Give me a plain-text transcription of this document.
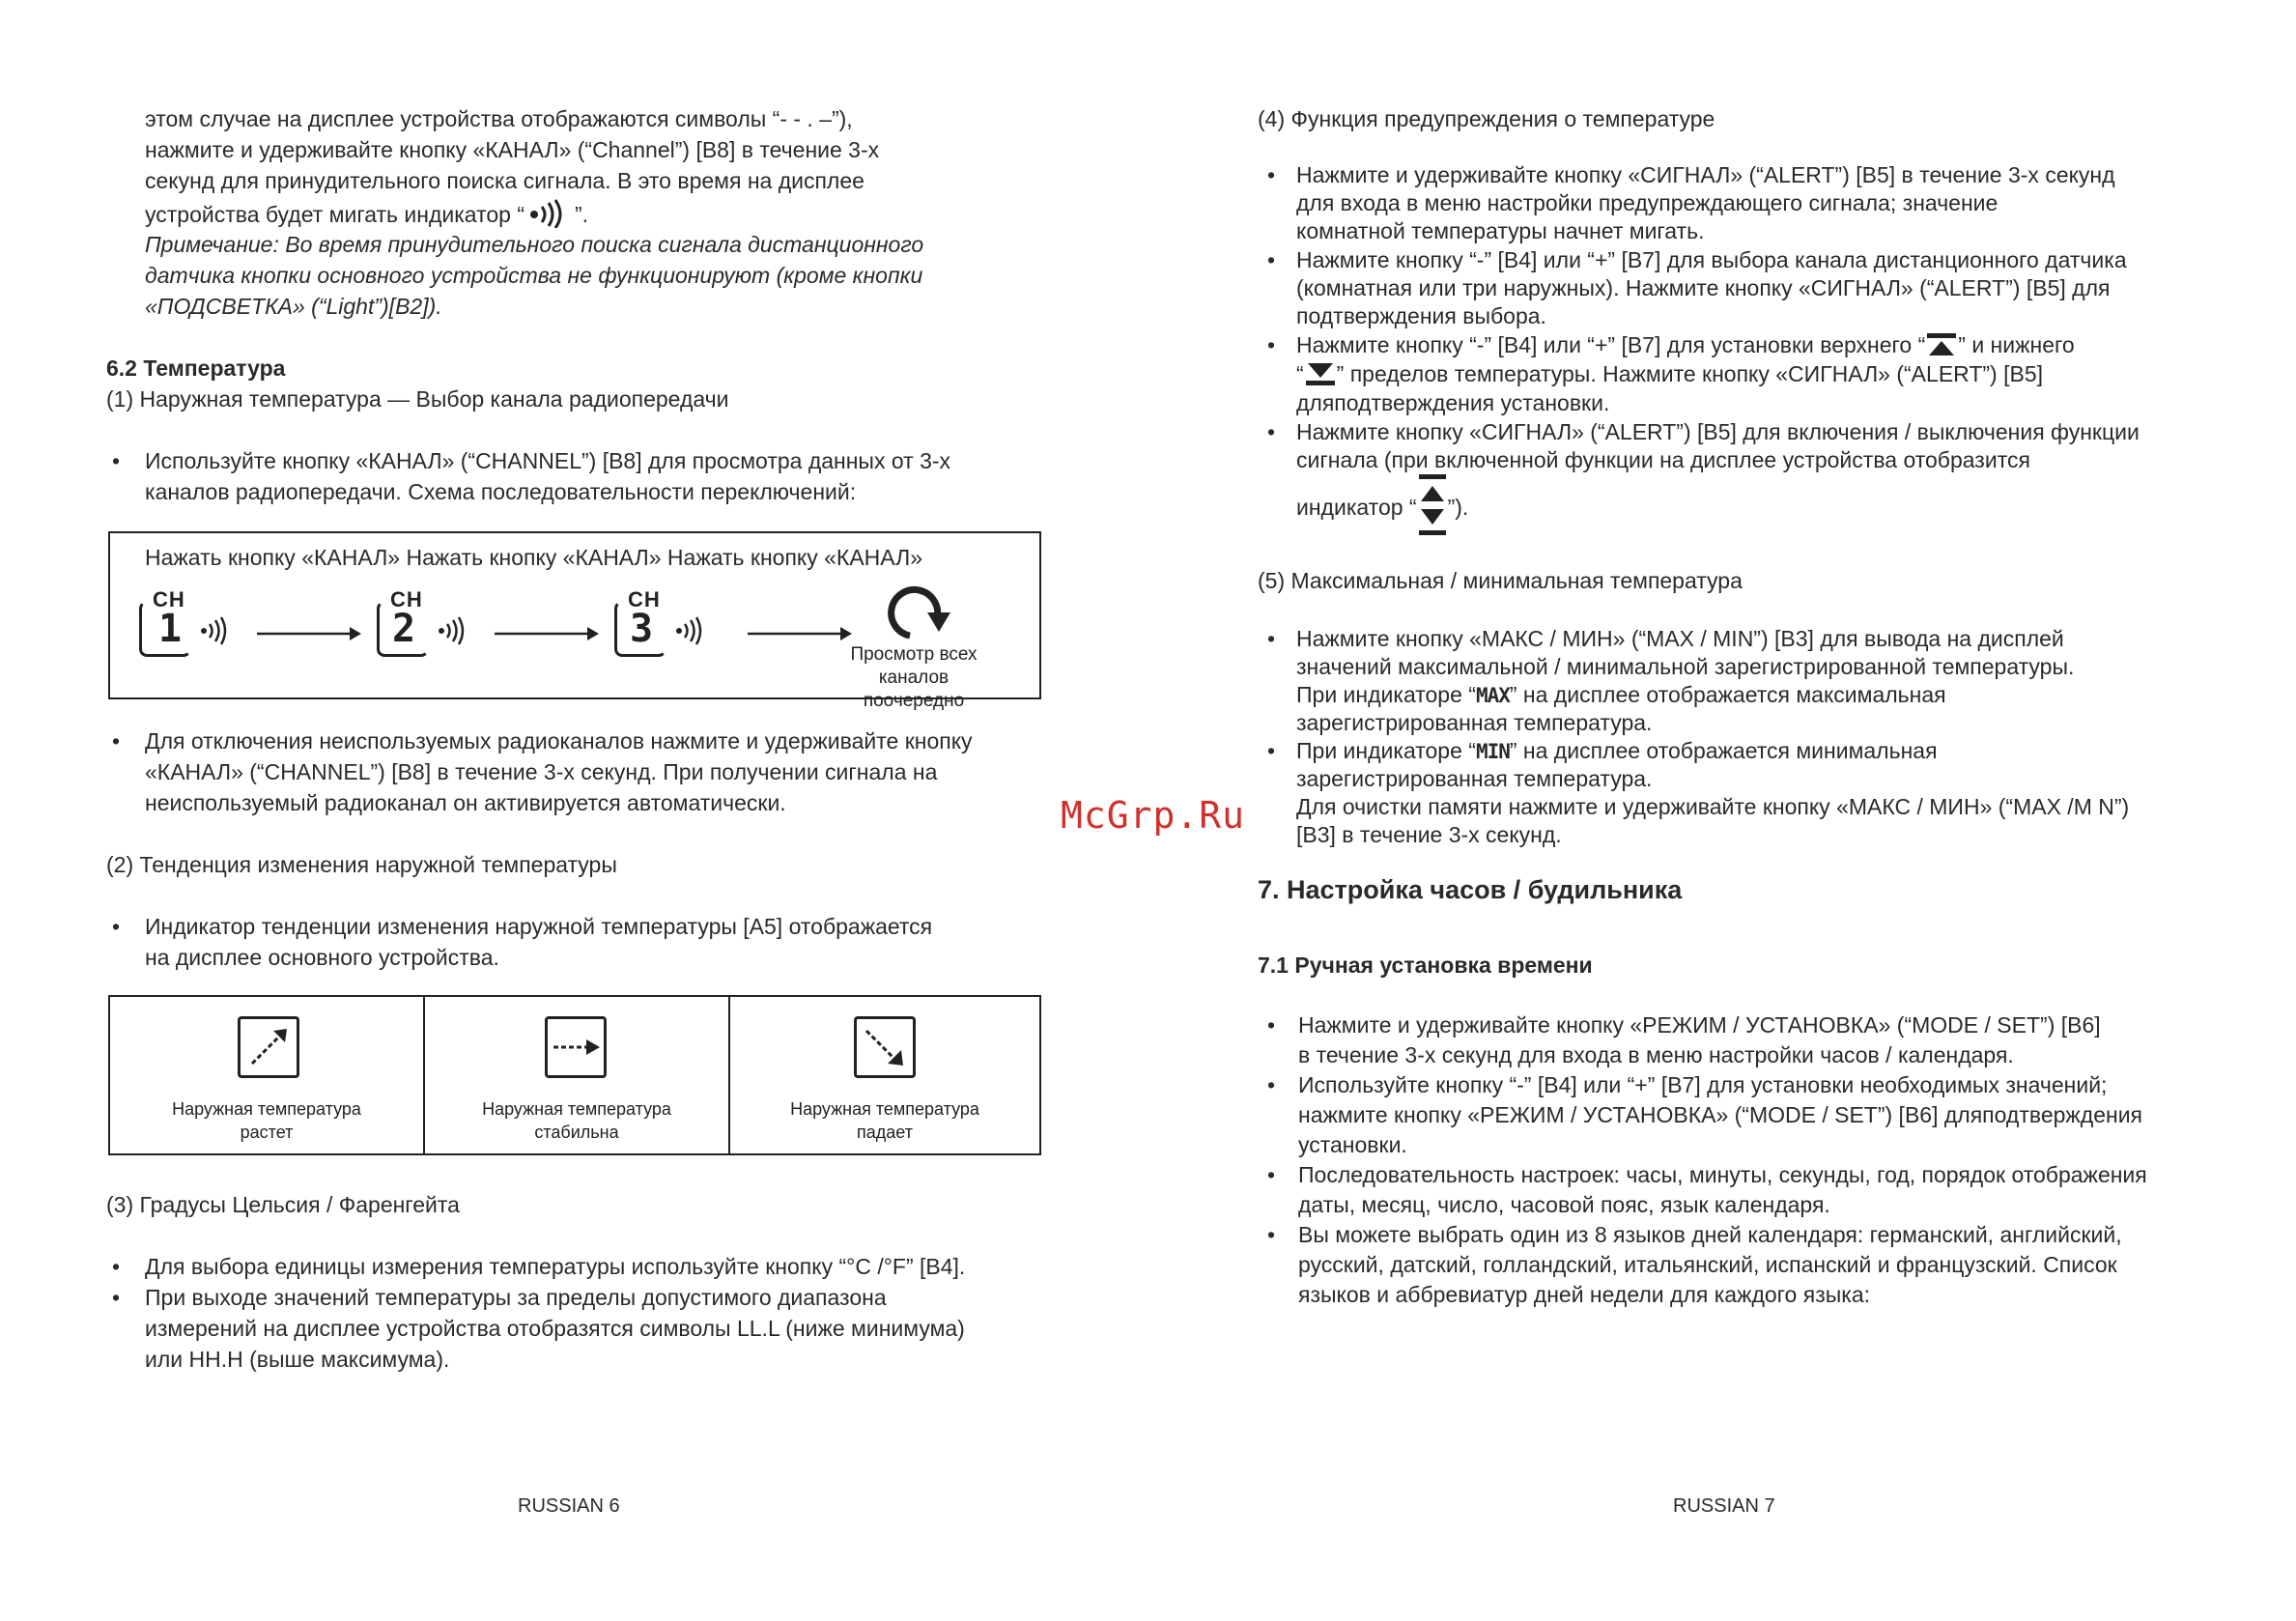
этом случае на дисплее устройства отображаются символы “- - . –”),
нажмите и удерживайте кнопку «КАНАЛ» (“Channel”) [B8] в течение 3-х
секунд для принудительного поиска сигнала. В это время на дисплее
устройства будет мигать индикатор “ ”.
Примечание: Во время принудительного поиска сигнала дистанционного
датчика кнопки основного устройства не функционируют (кроме кнопки
«ПОДСВЕТКА» (“Light”)[B2]).
6.2 Температура
(1) Наружная температура — Выбор канала радиопередачи
• Используйте кнопку «КАНАЛ» (“CHANNEL”) [B8] для просмотра данных от 3-х
каналов радиопередачи. Схема последовательности переключений:
Нажать кнопку «КАНАЛ» Нажать кнопку «КАНАЛ» Нажать кнопку «КАНАЛ»
CH
1
CH
2
CH
3
Просмотр всех
каналов поочередно
• Для отключения неиспользуемых радиоканалов нажмите и удерживайте кнопку
«КАНАЛ» (“CHANNEL”) [B8] в течение 3-х секунд. При получении сигнала на
неиспользуемый радиоканал он активируется автоматически.
(2) Тенденция изменения наружной температуры
• Индикатор тенденции изменения наружной температуры [A5] отображается
на дисплее основного устройства.
Наружная температура
растет
Наружная температура
стабильна
Наружная температура
падает
(3) Градусы Цельсия / Фаренгейта
• Для выбора единицы измерения температуры используйте кнопку “°C /°F” [B4].
• При выходе значений температуры за пределы допустимого диапазона
измерений на дисплее устройства отобразятся символы LL.L (ниже минимума)
или HH.H (выше максимума).
RUSSIAN 6
(4) Функция предупреждения о температуре
• Нажмите и удерживайте кнопку «СИГНАЛ» (“ALERT”) [B5] в течение 3-х секунд
для входа в меню настройки предупреждающего сигнала; значение
комнатной температуры начнет мигать.
• Нажмите кнопку “-” [B4] или “+” [B7] для выбора канала дистанционного датчика
(комнатная или три наружных). Нажмите кнопку «СИГНАЛ» (“ALERT”) [B5] для
подтверждения выбора.
• Нажмите кнопку “-” [B4] или “+” [B7] для установки верхнего “ ” и нижнего
“ ” пределов температуры. Нажмите кнопку «СИГНАЛ» (“ALERT”) [B5]
дляподтверждения установки.
• Нажмите кнопку «СИГНАЛ» (“ALERT”) [B5] для включения / выключения функции
сигнала (при включенной функции на дисплее устройства отобразится
индикатор “ ”).
(5) Максимальная / минимальная температура
• Нажмите кнопку «МАКС / МИН» (“MAX / MIN”) [B3] для вывода на дисплей
значений максимальной / минимальной зарегистрированной температуры.
При индикаторе “MAX” на дисплее отображается максимальная
зарегистрированная температура.
• При индикаторе “MIN” на дисплее отображается минимальная
зарегистрированная температура.
Для очистки памяти нажмите и удерживайте кнопку «МАКС / МИН» (“MAX /M N”)
[B3] в течение 3-х секунд.
7. Настройка часов / будильника
7.1 Ручная установка времени
• Нажмите и удерживайте кнопку «РЕЖИМ / УСТАНОВКА» (“MODE / SET”) [B6]
в течение 3-х секунд для входа в меню настройки часов / календаря.
• Используйте кнопку “-” [B4] или “+” [B7] для установки необходимых значений;
нажмите кнопку «РЕЖИМ / УСТАНОВКА» (“MODE / SET”) [B6] дляподтверждения
установки.
• Последовательность настроек: часы, минуты, секунды, год, порядок отображения
даты, месяц, число, часовой пояс, язык календаря.
• Вы можете выбрать один из 8 языков дней календаря: германский, английский,
русский, датский, голландский, итальянский, испанский и французский. Список
языков и аббревиатур дней недели для каждого языка:
RUSSIAN 7
McGrp.Ru
